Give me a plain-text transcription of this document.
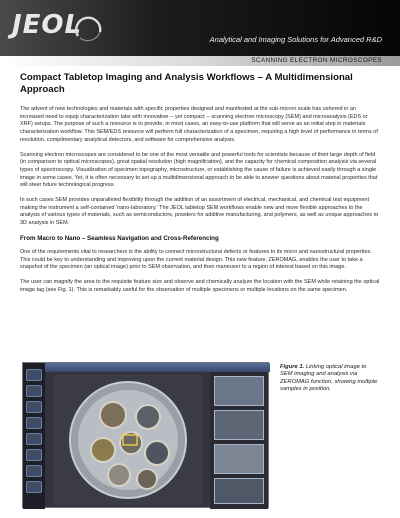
JEOL	Analytical and Imaging Solutions for Advanced R&D
SCANNING ELECTRON MICROSCOPES
Compact Tabletop Imaging and Analysis Workflows – A Multidimensional Approach

The advent of new technologies and materials with specific properties designed and manifested at the sub-micron scale has ushered in an increased need to equip characterization labs with innovative -- yet compact -- scanning electron microscopy (SEM) and microanalysis (EDS or XRF) setups. The purpose of such a resource is to provide, in most cases, an easy-to-use platform that will serve as an initial step in materials characterization workflow. This SEM/EDS resource will perform full characterization of a specimen, requiring a high level of performance in terms of resolution, complimentary analytical detectors, and software for comprehensive analysis.

Scanning electron microscopes are considered to be one of the most versatile and powerful tools for scientists because of their large depth of field (in comparison to optical microscopes), great spatial resolution (high magnification), and the capacity for chemical composition analysis via several types of spectroscopy. Visualization of specimen topography, microstructure, or establishing the cause of failure is achieved easily through a single image in some cases. Yet, it is often necessary to set up a multidimensional approach to be able to answer questions about material properties that will steer future technological progress.

In such cases SEM provides unparalleled flexibility through the addition of an assortment of electrical, mechanical, and chemical test equipment making the instrument a self-contained 'nano-laboratory.' The JEOL tabletop SEM workflows enable new and more flexible approaches to the analysis of various types of materials, such as semiconductors, powders for additive manufacturing, and polymers, as well as unique approaches to 3D analysis in SEM.

From Macro to Nano – Seamless Navigation and Cross-Referencing

One of the requirements vital to researchers is the ability to connect microstructural defects or features to its micro and nanostructural properties. This could be key to understanding and improving upon the current material design. This new feature, ZEROMAG, enables the user to take a snapshot of the specimen (an optical image) prior to SEM observation, and then maneuver to a region of interest based on this image.

The user can magnify the area to the requisite feature size and observe and chemically analyze the location with the SEM while retaining the optical image tag (see Fig. 1). This is remarkably useful for the observation of multiple specimens or multiple locations on the same specimen.

Figure 1. Linking optical image to SEM imaging and analysis via ZEROMAG function, showing multiple samples in position.
